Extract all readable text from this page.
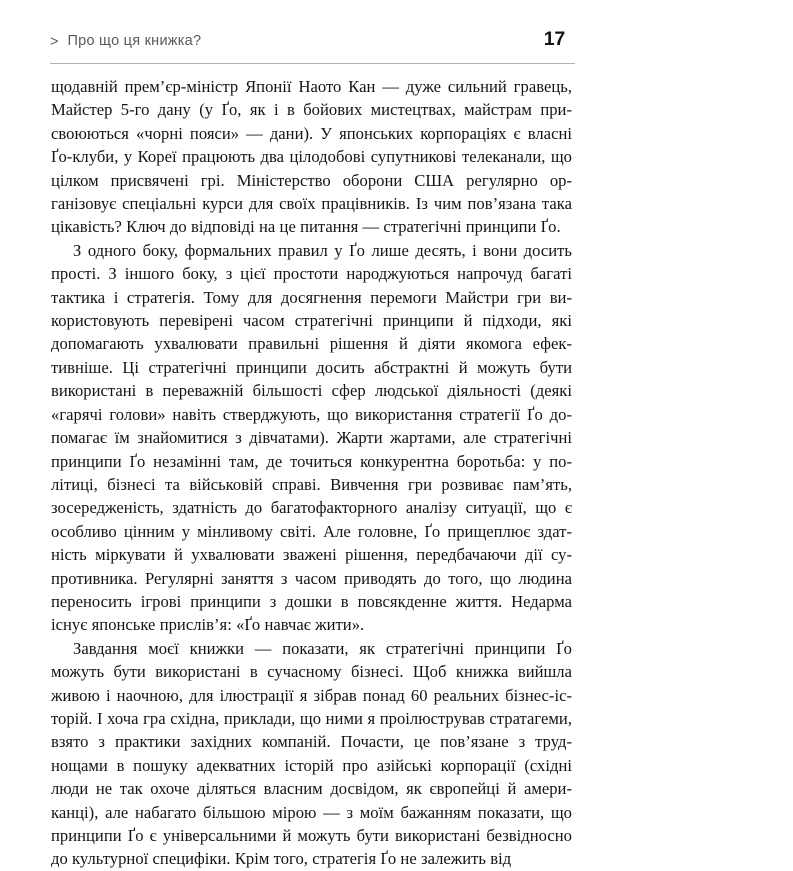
> Про що ця книжка?	17

щодавній прем’єр-міністр Японії Наото Кан — дуже сильний гравець, Майстер 5-го дану (у Ґо, як і в бойових мистецтвах, майстрам присвоюються «чорні пояси» — дани). У японських корпораціях є власні Ґо-клуби, у Кореї працюють два цілодобові супутникові телеканали, що цілком присвячені грі. Міністерство оборони США регулярно організовує спеціальні курси для своїх працівників. Із чим пов’язана така цікавість? Ключ до відповіді на це питання — стратегічні принципи Ґо.

З одного боку, формальних правил у Ґо лише десять, і вони досить прості. З іншого боку, з цієї простоти народжуються напрочуд багаті тактика і стратегія. Тому для досягнення перемоги Майстри гри використовують перевірені часом стратегічні принципи й підходи, які допомагають ухвалювати правильні рішення й діяти якомога ефективніше. Ці стратегічні принципи досить абстрактні й можуть бути використані в переважній більшості сфер людської діяльності (деякі «гарячі голови» навіть стверджують, що використання стратегії Ґо допомагає їм знайомитися з дівчатами). Жарти жартами, але стратегічні принципи Ґо незамінні там, де точиться конкурентна боротьба: у політиці, бізнесі та військовій справі. Вивчення гри розвиває пам’ять, зосередженість, здатність до багатофакторного аналізу ситуації, що є особливо цінним у мінливому світі. Але головне, Ґо прищеплює здатність міркувати й ухвалювати зважені рішення, передбачаючи дії супротивника. Регулярні заняття з часом приводять до того, що людина переносить ігрові принципи з дошки в повсякденне життя. Недарма існує японське прислів’я: «Ґо навчає жити».

Завдання моєї книжки — показати, як стратегічні принципи Ґо можуть бути використані в сучасному бізнесі. Щоб книжка вийшла живою і наочною, для ілюстрації я зібрав понад 60 реальних бізнес-історій. І хоча гра східна, приклади, що ними я проілюстрував стратагеми, взято з практики західних компаній. Почасти, це пов’язане з труднощами в пошуку адекватних історій про азійські корпорації (східні люди не так охоче діляться власним досвідом, як європейці й американці), але набагато більшою мірою — з моїм бажанням показати, що принципи Ґо є універсальними й можуть бути використані безвідносно до культурної специфіки. Крім того, стратегія Ґо не залежить від
